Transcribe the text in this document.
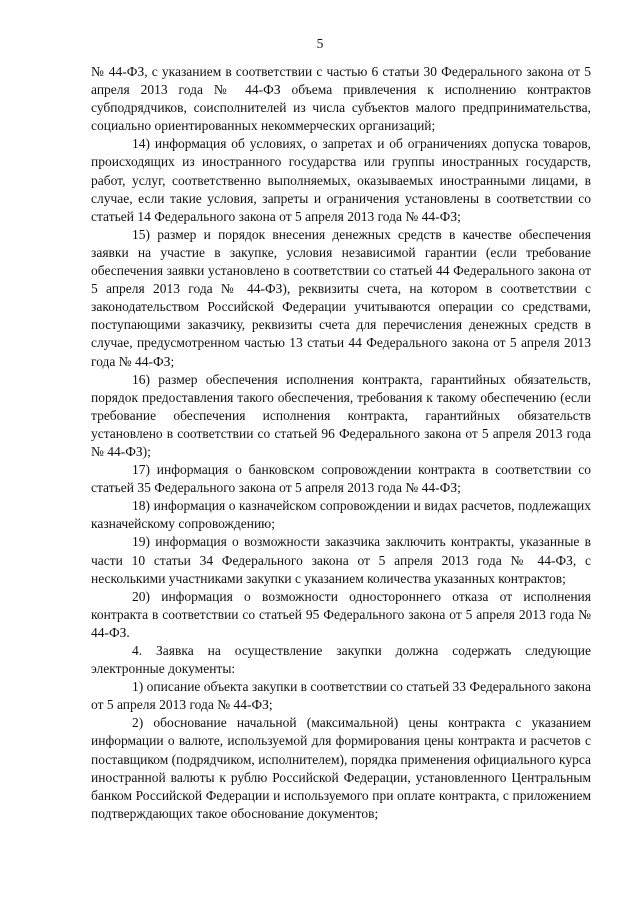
5

№ 44-ФЗ, с указанием в соответствии с частью 6 статьи 30 Федерального закона от 5 апреля 2013 года № 44-ФЗ объема привлечения к исполнению контрактов субподрядчиков, соисполнителей из числа субъектов малого предпринимательства, социально ориентированных некоммерческих организаций;

14) информация об условиях, о запретах и об ограничениях допуска товаров, происходящих из иностранного государства или группы иностранных государств, работ, услуг, соответственно выполняемых, оказываемых иностранными лицами, в случае, если такие условия, запреты и ограничения установлены в соответствии со статьей 14 Федерального закона от 5 апреля 2013 года № 44-ФЗ;

15) размер и порядок внесения денежных средств в качестве обеспечения заявки на участие в закупке, условия независимой гарантии (если требование обеспечения заявки установлено в соответствии со статьей 44 Федерального закона от 5 апреля 2013 года № 44-ФЗ), реквизиты счета, на котором в соответствии с законодательством Российской Федерации учитываются операции со средствами, поступающими заказчику, реквизиты счета для перечисления денежных средств в случае, предусмотренном частью 13 статьи 44 Федерального закона от 5 апреля 2013 года № 44-ФЗ;

16) размер обеспечения исполнения контракта, гарантийных обязательств, порядок предоставления такого обеспечения, требования к такому обеспечению (если требование обеспечения исполнения контракта, гарантийных обязательств установлено в соответствии со статьей 96 Федерального закона от 5 апреля 2013 года № 44-ФЗ);

17) информация о банковском сопровождении контракта в соответствии со статьей 35 Федерального закона от 5 апреля 2013 года № 44-ФЗ;

18) информация о казначейском сопровождении и видах расчетов, подлежащих казначейскому сопровождению;

19) информация о возможности заказчика заключить контракты, указанные в части 10 статьи 34 Федерального закона от 5 апреля 2013 года № 44-ФЗ, с несколькими участниками закупки с указанием количества указанных контрактов;

20) информация о возможности одностороннего отказа от исполнения контракта в соответствии со статьей 95 Федерального закона от 5 апреля 2013 года № 44-ФЗ.

4. Заявка на осуществление закупки должна содержать следующие электронные документы:

1) описание объекта закупки в соответствии со статьей 33 Федерального закона от 5 апреля 2013 года № 44-ФЗ;

2) обоснование начальной (максимальной) цены контракта с указанием информации о валюте, используемой для формирования цены контракта и расчетов с поставщиком (подрядчиком, исполнителем), порядка применения официального курса иностранной валюты к рублю Российской Федерации, установленного Центральным банком Российской Федерации и используемого при оплате контракта, с приложением подтверждающих такое обоснование документов;
